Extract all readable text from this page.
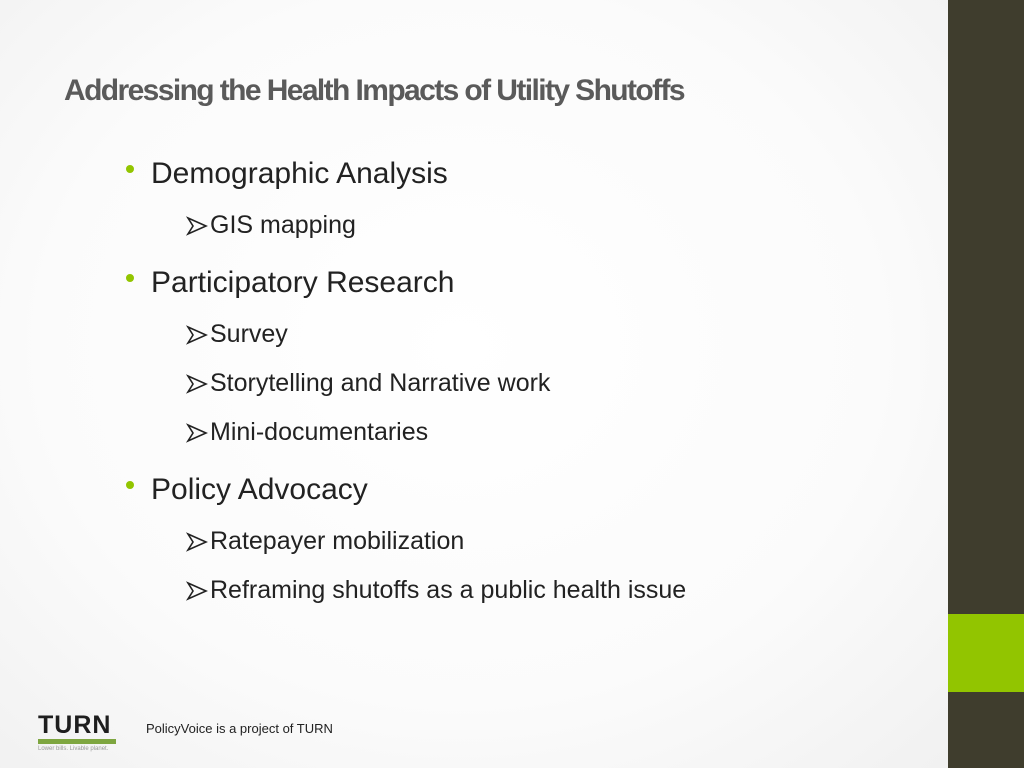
Addressing the Health Impacts of Utility Shutoffs
Demographic Analysis
GIS mapping
Participatory Research
Survey
Storytelling and Narrative work
Mini-documentaries
Policy Advocacy
Ratepayer mobilization
Reframing shutoffs as a public health issue
TURN
Lower bills. Livable planet.
PolicyVoice is a project of TURN
